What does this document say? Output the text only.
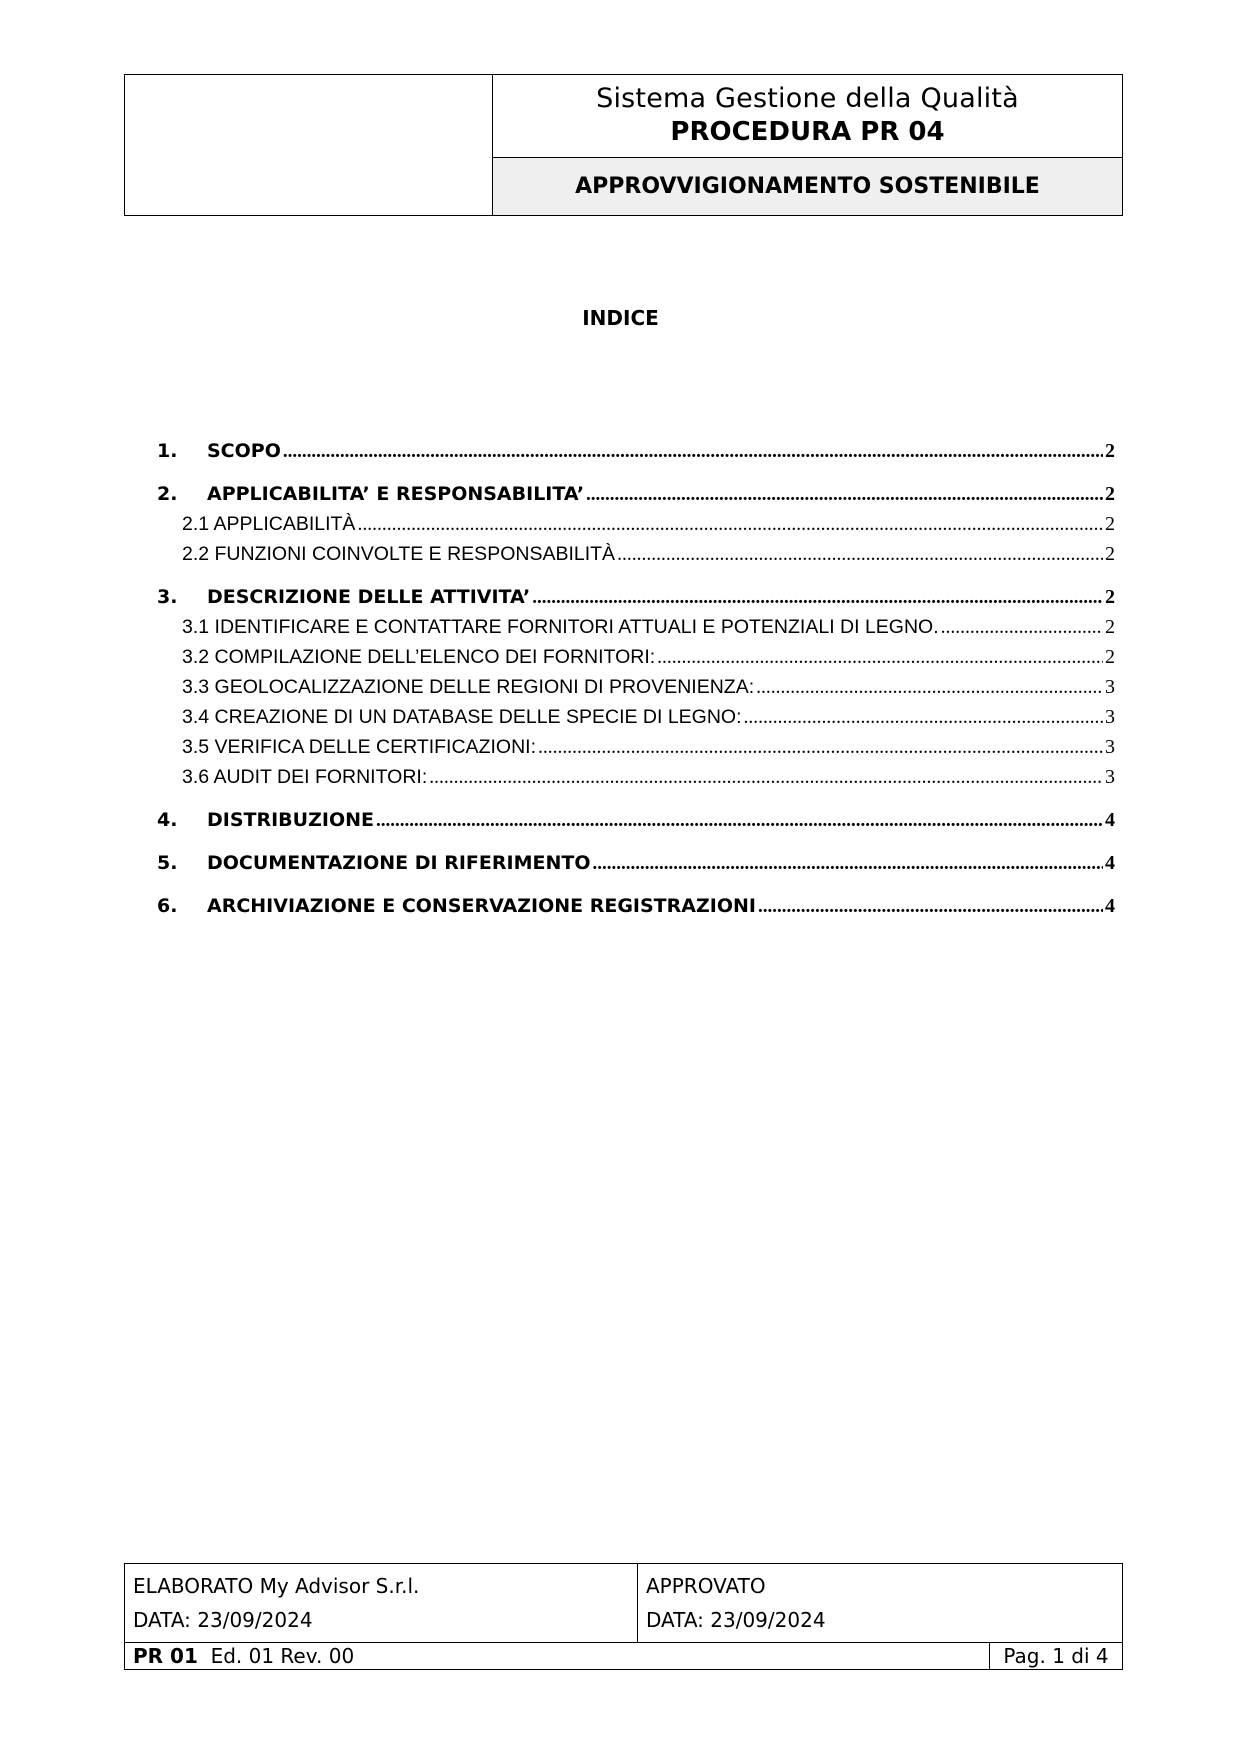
Sistema Gestione della Qualità
PROCEDURA PR 04
APPROVVIGIONAMENTO SOSTENIBILE
INDICE
1.	SCOPO .....	2
2.	APPLICABILITA’ E RESPONSABILITA’ .....	2
2.1 APPLICABILITÀ .....	2
2.2 FUNZIONI COINVOLTE E RESPONSABILITÀ .....	2
3.	DESCRIZIONE DELLE ATTIVITA’ .....	2
3.1 IDENTIFICARE E CONTATTARE FORNITORI ATTUALI E POTENZIALI DI LEGNO. .....	2
3.2 COMPILAZIONE DELL’ELENCO DEI FORNITORI: .....	2
3.3 GEOLOCALIZZAZIONE DELLE REGIONI DI PROVENIENZA: .....	3
3.4 CREAZIONE DI UN DATABASE DELLE SPECIE DI LEGNO: .....	3
3.5 VERIFICA DELLE CERTIFICAZIONI: .....	3
3.6 AUDIT DEI FORNITORI: .....	3
4.	DISTRIBUZIONE .....	4
5.	DOCUMENTAZIONE DI RIFERIMENTO .....	4
6.	ARCHIVIAZIONE E CONSERVAZIONE REGISTRAZIONI .....	4
ELABORATO My Advisor S.r.l.
DATA: 23/09/2024
APPROVATO
DATA: 23/09/2024
PR 01 Ed. 01 Rev. 00	Pag. 1 di 4
